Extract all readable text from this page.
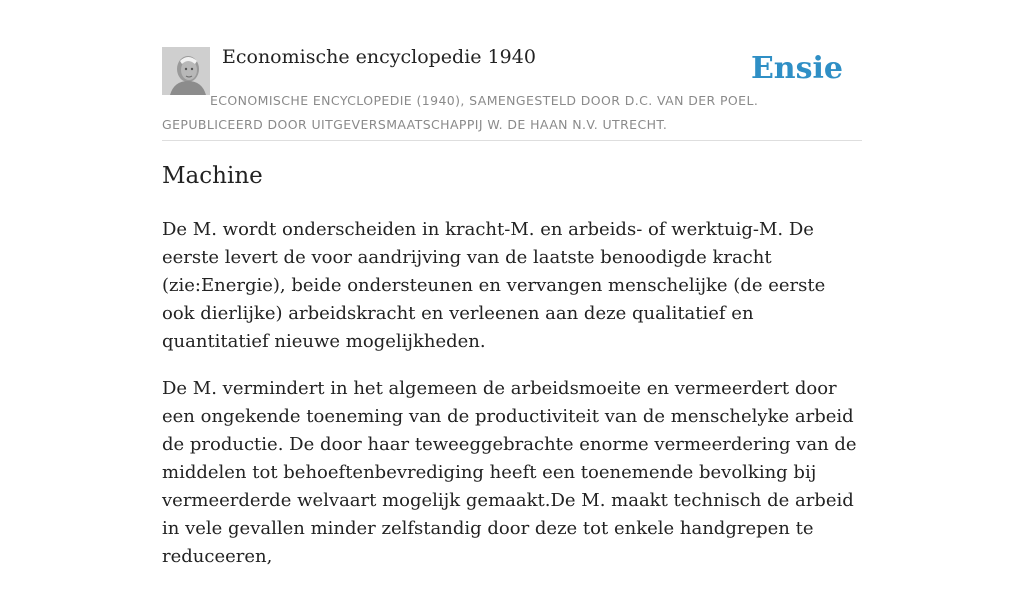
Economische encyclopedie 1940	Ensie
ECONOMISCHE ENCYCLOPEDIE (1940), SAMENGESTELD DOOR D.C. VAN DER POEL.
GEPUBLICEERD DOOR UITGEVERSMAATSCHAPPIJ W. DE HAAN N.V. UTRECHT.
Machine

De M. wordt onderscheiden in kracht-M. en arbeids- of werktuig-M. De eerste levert de voor aandrijving van de laatste benoodigde kracht (zie:Energie), beide ondersteunen en vervangen menschelijke (de eerste ook dierlijke) arbeidskracht en verleenen aan deze qualitatief en quantitatief nieuwe mogelijkheden.

De M. vermindert in het algemeen de arbeidsmoeite en vermeerdert door een ongekende toeneming van de productiviteit van de menschelyke arbeid de productie. De door haar teweeggebrachte enorme vermeerdering van de middelen tot behoeftenbevrediging heeft een toenemende bevolking bij vermeerderde welvaart mogelijk gemaakt.De M. maakt technisch de arbeid in vele gevallen minder zelfstandig door deze tot enkele handgrepen te reduceeren,
